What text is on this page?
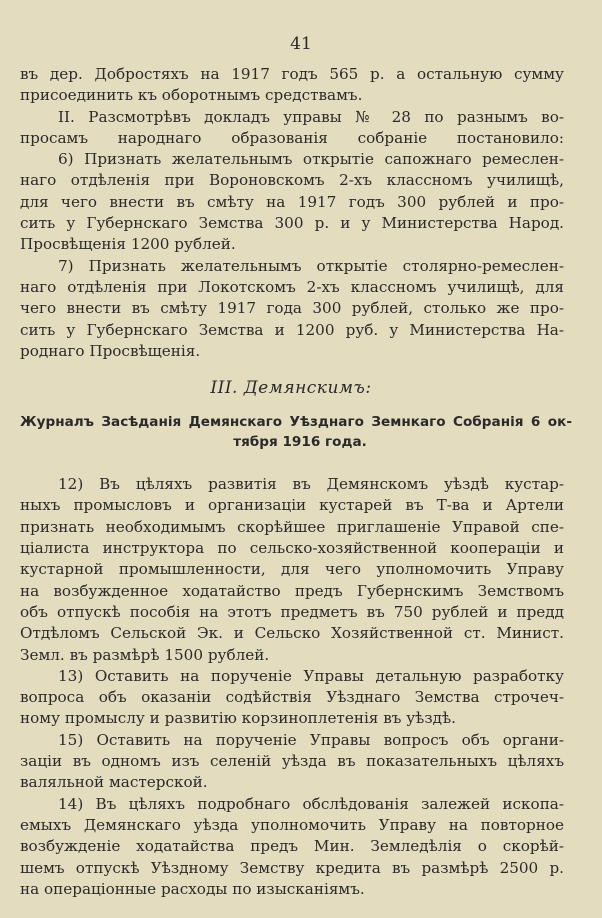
41
въ дер. Добростяхъ на 1917 годъ 565 р. а остальную сумму
присоединить къ оборотнымъ средствамъ.
II. Разсмотрѣвъ докладъ управы № 28 по разнымъ во-
просамъ народнаго образованія собраніе постановило:
6) Признать желательнымъ открытіе сапожнаго ремеслен-
наго отдѣленія при Вороновскомъ 2-хъ классномъ училищѣ,
для чего внести въ смѣту на 1917 годъ 300 рублей и про-
сить у Губернскаго Земства 300 р. и у Министерства Народ.
Просвѣщенія 1200 рублей.
7) Признать желательнымъ открытіе столярно-ремеслен-
наго отдѣленія при Локотскомъ 2-хъ классномъ училищѣ, для
чего внести въ смѣту 1917 года 300 рублей, столько же про-
сить у Губернскаго Земства и 1200 руб. у Министерства На-
роднаго Просвѣщенія.
III. Демянскимъ:
Журналъ Засѣданія Демянскаго Уѣзднаго Земнкаго Собранія 6 ок-
тября 1916 года.
12) Въ цѣляхъ развитія въ Демянскомъ уѣздѣ кустар-
ныхъ промысловъ и организаціи кустарей въ Т-ва и Артели
признать необходимымъ скорѣйшее приглашеніе Управой спе-
ціалиста инструктора по сельско-хозяйственной коопераціи и
кустарной промышленности, для чего уполномочить Управу
на возбужденное ходатайство предъ Губернскимъ Земствомъ
объ отпускѣ пособія на этотъ предметъ въ 750 рублей и предд
Отдѣломъ Сельской Эк. и Сельско Хозяйственной ст. Минист.
Земл. въ размѣрѣ 1500 рублей.
13) Оставить на порученіе Управы детальную разработку
вопроса объ оказаніи содѣйствія Уѣзднаго Земства строчеч-
ному промыслу и развитію корзиноплетенія въ уѣздѣ.
15) Оставить на порученіе Управы вопросъ объ органи-
заціи въ одномъ изъ селеній уѣзда въ показательныхъ цѣляхъ
валяльной мастерской.
14) Въ цѣляхъ подробнаго обслѣдованія залежей ископа-
емыхъ Демянскаго уѣзда уполномочить Управу на повторное
возбужденіе ходатайства предъ Мин. Земледѣлія о скорѣй-
шемъ отпускѣ Уѣздному Земству кредита въ размѣрѣ 2500 р.
на операціонные расходы по изысканіямъ.
